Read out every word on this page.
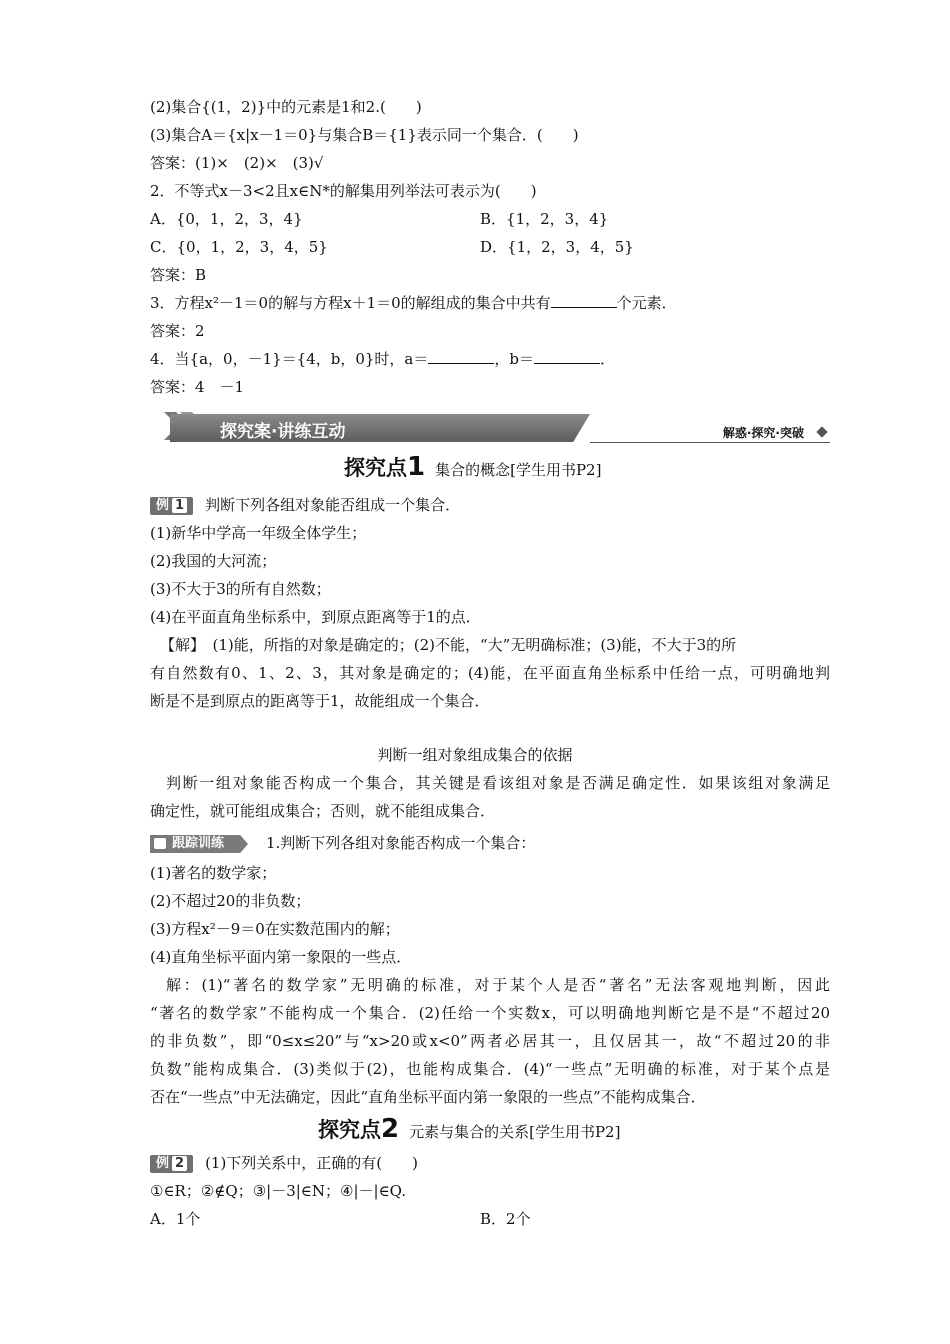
(2)集合{(1，2)}中的元素是1和2.(　　)
(3)集合A＝{x|x－1＝0}与集合B＝{1}表示同一个集合．(　　)
答案：(1)×　(2)×　(3)√
2．不等式x－3<2且x∈N*的解集用列举法可表示为(　　)
A．{0，1，2，3，4}	B．{1，2，3，4}
C．{0，1，2，3，4，5}	D．{1，2，3，4，5}
答案：B
3．方程x²－1＝0的解与方程x＋1＝0的解组成的集合中共有	个元素．
答案：2
4．当{a，0，－1}＝{4，b，0}时，a＝	，b＝	．
答案：4　－1
探究案·讲练互动	解惑·探究·突破
探究点1 集合的概念[学生用书P2]
例 1 判断下列各组对象能否组成一个集合．
(1)新华中学高一年级全体学生；
(2)我国的大河流；
(3)不大于3的所有自然数；
(4)在平面直角坐标系中，到原点距离等于1的点．
【解】　(1)能，所指的对象是确定的；(2)不能，“大”无明确标准；(3)能，不大于3的所
有自然数有0、1、2、3，其对象是确定的；(4)能，在平面直角坐标系中任给一点，可明确地判
断是不是到原点的距离等于1，故能组成一个集合．
判断一组对象组成集合的依据
判断一组对象能否构成一个集合，其关键是看该组对象是否满足确定性．如果该组对象满足
确定性，就可能组成集合；否则，就不能组成集合．
跟踪训练	1.判断下列各组对象能否构成一个集合：
(1)著名的数学家；
(2)不超过20的非负数；
(3)方程x²－9＝0在实数范围内的解；
(4)直角坐标平面内第一象限的一些点．
解：(1)“著名的数学家”无明确的标准，对于某个人是否“著名”无法客观地判断，因此
“著名的数学家”不能构成一个集合．(2)任给一个实数x，可以明确地判断它是不是“不超过20
的非负数”，即“0≤x≤20”与“x>20或x<0”两者必居其一，且仅居其一，故“不超过20的非
负数”能构成集合．(3)类似于(2)，也能构成集合．(4)“一些点”无明确的标准，对于某个点是
否在“一些点”中无法确定，因此“直角坐标平面内第一象限的一些点”不能构成集合．
探究点2 元素与集合的关系[学生用书P2]
例 2 (1)下列关系中，正确的有(　　)
①∈R；②∉Q；③|－3|∈N；④|－|∈Q.
A．1个	B．2个
